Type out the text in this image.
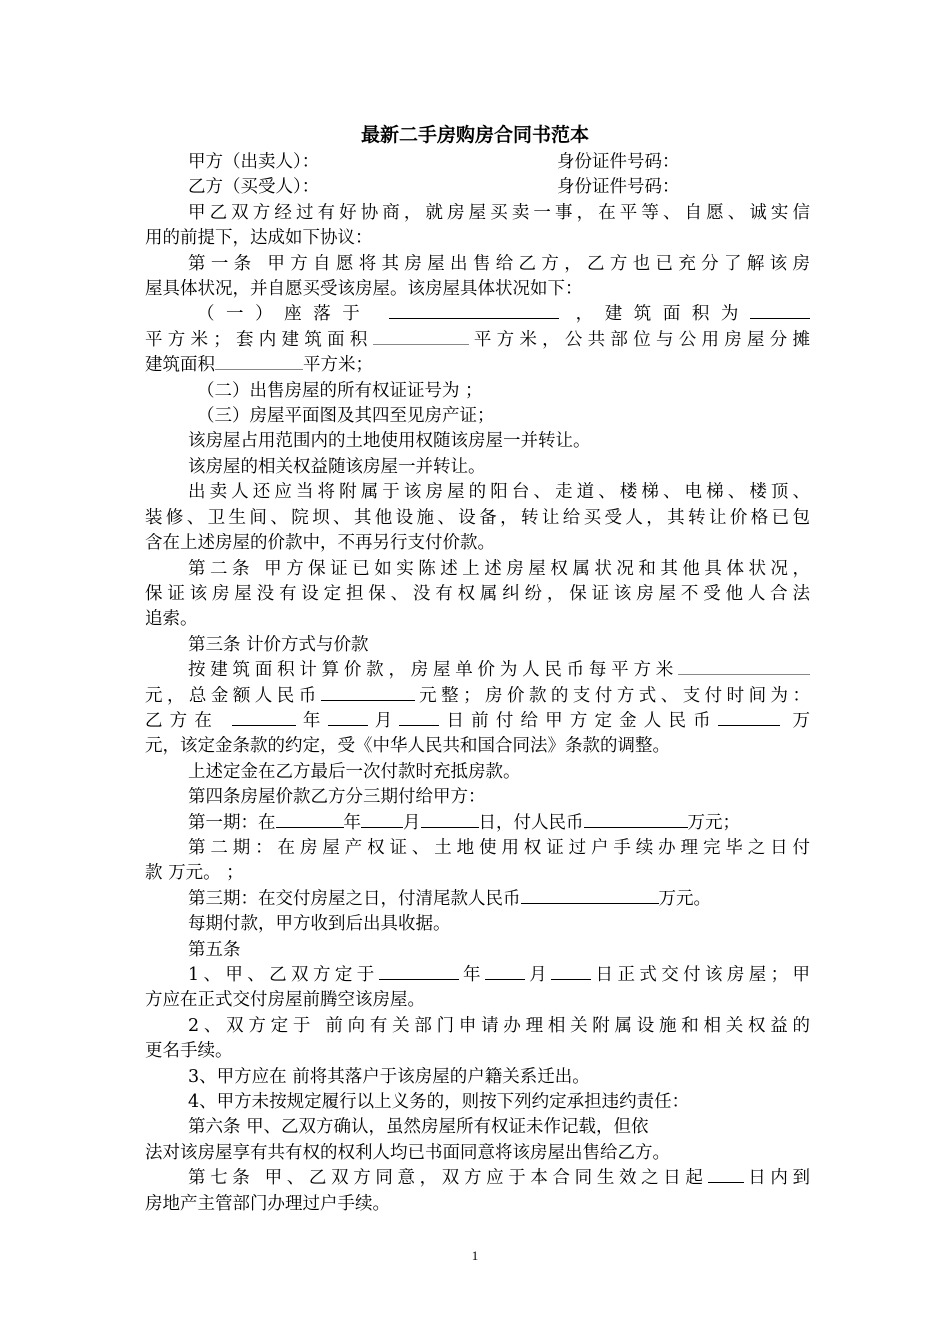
最新二手房购房合同书范本
甲方（出卖人）：	身份证件号码：
乙方（买受人）：	身份证件号码：
甲乙双方经过有好协商，就房屋买卖一事，在平等、自愿、诚实信
用的前提下，达成如下协议：
第一条 甲方自愿将其房屋出售给乙方，乙方也已充分了解该房
屋具体状况，并自愿买受该房屋。该房屋具体状况如下：
（一）座落于	，建筑面积为
平方米；套内建筑面积	平方米，公共部位与公用房屋分摊
建筑面积	平方米；
（二）出售房屋的所有权证证号为 ；
（三）房屋平面图及其四至见房产证；
该房屋占用范围内的土地使用权随该房屋一并转让。
该房屋的相关权益随该房屋一并转让。
出卖人还应当将附属于该房屋的阳台、走道、楼梯、电梯、楼顶、
装修、卫生间、院坝、其他设施、设备，转让给买受人，其转让价格已包
含在上述房屋的价款中，不再另行支付价款。
第二条 甲方保证已如实陈述上述房屋权属状况和其他具体状况，
保证该房屋没有设定担保、没有权属纠纷，保证该房屋不受他人合法
追索。
第三条 计价方式与价款
按建筑面积计算价款，房屋单价为人民币每平方米
元，总金额人民币	元整；房价款的支付方式、支付时间为：
乙方在	年 月 日前付给甲方定金人民币	万
元，该定金条款的约定，受《中华人民共和国合同法》条款的调整。
上述定金在乙方最后一次付款时充抵房款。
第四条房屋价款乙方分三期付给甲方：
第一期：在	年 月	日，付人民币	万元；
第二期：在房屋产权证、土地使用权证过户手续办理完毕之日付
款 万元。 ；
第三期：在交付房屋之日，付清尾款人民币	万元。
每期付款，甲方收到后出具收据。
第五条
1、甲、乙双方定于	年 月 日正式交付该房屋；甲
方应在正式交付房屋前腾空该房屋。
2、双方定于 前向有关部门申请办理相关附属设施和相关权益的
更名手续。
3、甲方应在 前将其落户于该房屋的户籍关系迁出。
4、甲方未按规定履行以上义务的，则按下列约定承担违约责任：
第六条 甲、乙双方确认，虽然房屋所有权证未作记载，但依
法对该房屋享有共有权的权利人均已书面同意将该房屋出售给乙方。
第七条 甲、乙双方同意，双方应于本合同生效之日起 日内到
房地产主管部门办理过户手续。
1
